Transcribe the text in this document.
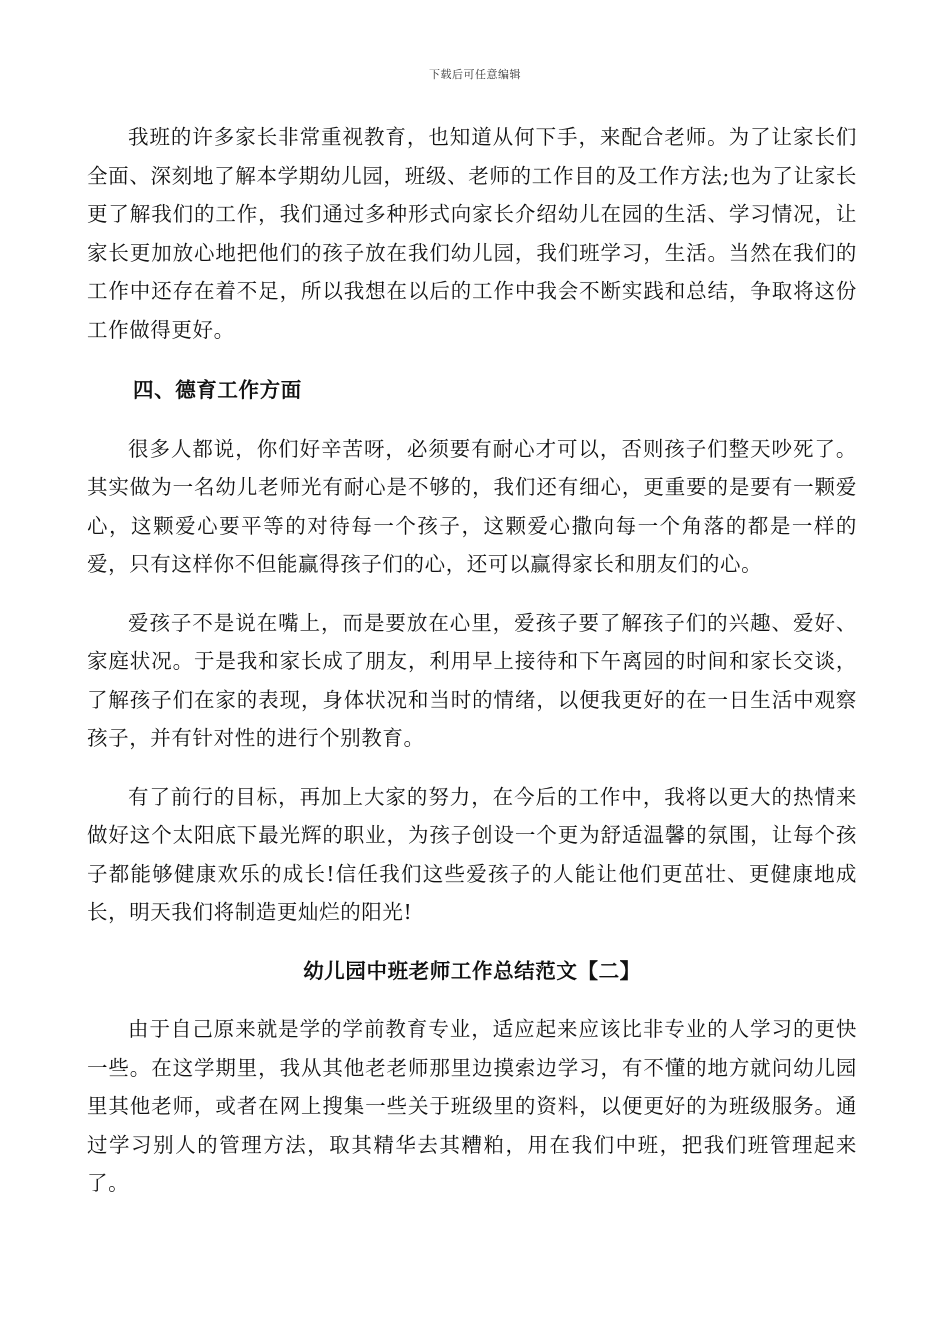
下载后可任意编辑

我班的许多家长非常重视教育，也知道从何下手，来配合老师。为了让家长们全面、深刻地了解本学期幼儿园，班级、老师的工作目的及工作方法;也为了让家长更了解我们的工作，我们通过多种形式向家长介绍幼儿在园的生活、学习情况，让家长更加放心地把他们的孩子放在我们幼儿园，我们班学习，生活。当然在我们的工作中还存在着不足，所以我想在以后的工作中我会不断实践和总结，争取将这份工作做得更好。

四、德育工作方面

很多人都说，你们好辛苦呀，必须要有耐心才可以，否则孩子们整天吵死了。其实做为一名幼儿老师光有耐心是不够的，我们还有细心，更重要的是要有一颗爱心，这颗爱心要平等的对待每一个孩子，这颗爱心撒向每一个角落的都是一样的爱，只有这样你不但能赢得孩子们的心，还可以赢得家长和朋友们的心。

爱孩子不是说在嘴上，而是要放在心里，爱孩子要了解孩子们的兴趣、爱好、家庭状况。于是我和家长成了朋友，利用早上接待和下午离园的时间和家长交谈，了解孩子们在家的表现，身体状况和当时的情绪，以便我更好的在一日生活中观察孩子，并有针对性的进行个别教育。

有了前行的目标，再加上大家的努力，在今后的工作中，我将以更大的热情来做好这个太阳底下最光辉的职业，为孩子创设一个更为舒适温馨的氛围，让每个孩子都能够健康欢乐的成长!信任我们这些爱孩子的人能让他们更茁壮、更健康地成长，明天我们将制造更灿烂的阳光!

幼儿园中班老师工作总结范文【二】

由于自己原来就是学的学前教育专业，适应起来应该比非专业的人学习的更快一些。在这学期里，我从其他老老师那里边摸索边学习，有不懂的地方就问幼儿园里其他老师，或者在网上搜集一些关于班级里的资料，以便更好的为班级服务。通过学习别人的管理方法，取其精华去其糟粕，用在我们中班，把我们班管理起来了。
